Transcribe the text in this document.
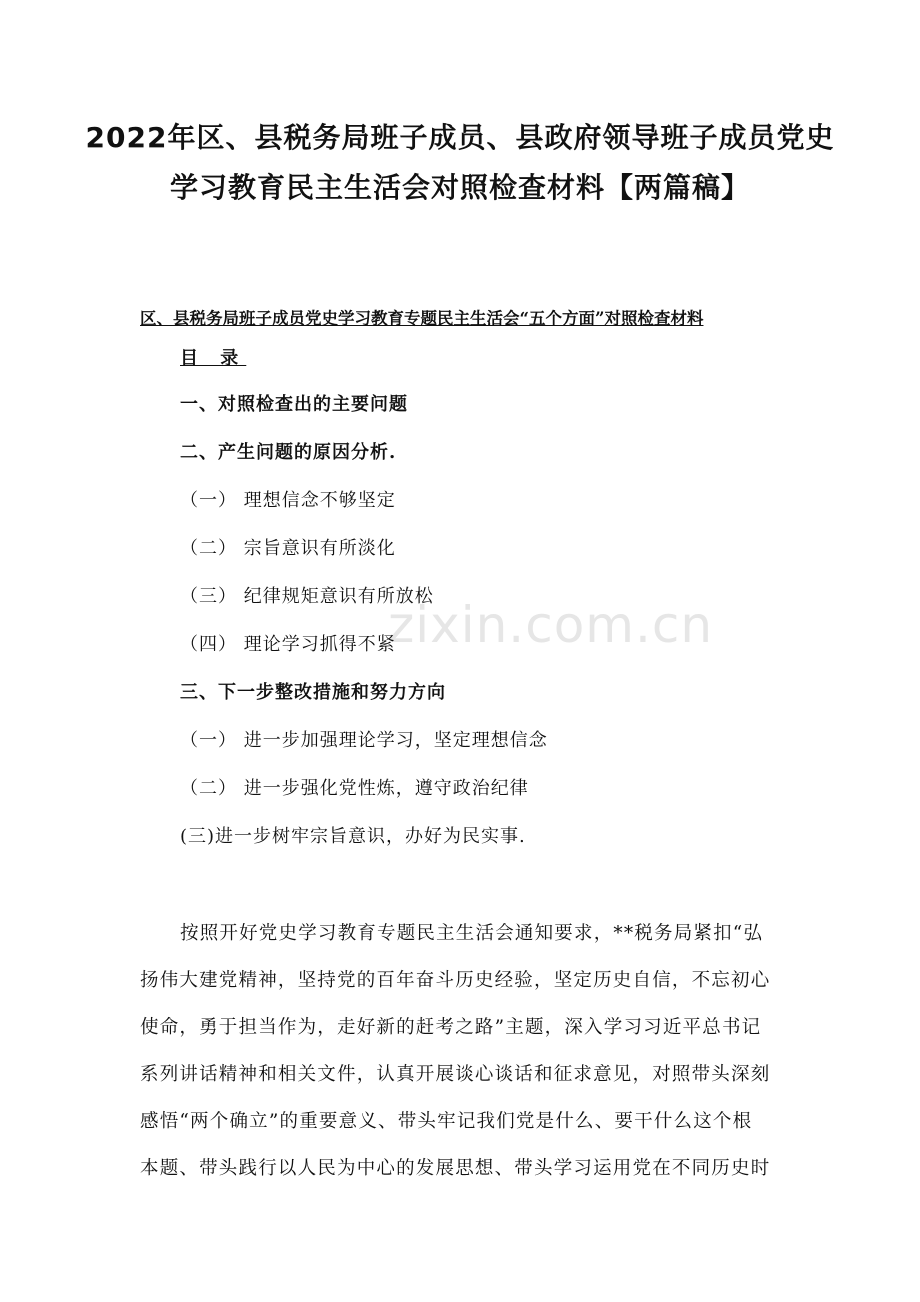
zixin.com.cn
2022年区、县税务局班子成员、县政府领导班子成员党史
学习教育民主生活会对照检查材料【两篇稿】
区、县税务局班子成员党史学习教育专题民主生活会“五个方面”对照检查材料
目 录
一、对照检查出的主要问题
二、产生问题的原因分析.
（一） 理想信念不够坚定
（二） 宗旨意识有所淡化
（三） 纪律规矩意识有所放松
（四） 理论学习抓得不紧
三、下一步整改措施和努力方向
（一） 进一步加强理论学习，坚定理想信念
（二） 进一步强化党性炼，遵守政治纪律
(三)进一步树牢宗旨意识，办好为民实事.
按照开好党史学习教育专题民主生活会通知要求，**税务局紧扣“弘
扬伟大建党精神，坚持党的百年奋斗历史经验，坚定历史自信，不忘初心
使命，勇于担当作为，走好新的赶考之路”主题，深入学习习近平总书记
系列讲话精神和相关文件，认真开展谈心谈话和征求意见，对照带头深刻
感悟“两个确立”的重要意义、带头牢记我们党是什么、要干什么这个根
本题、带头践行以人民为中心的发展思想、带头学习运用党在不同历史时
